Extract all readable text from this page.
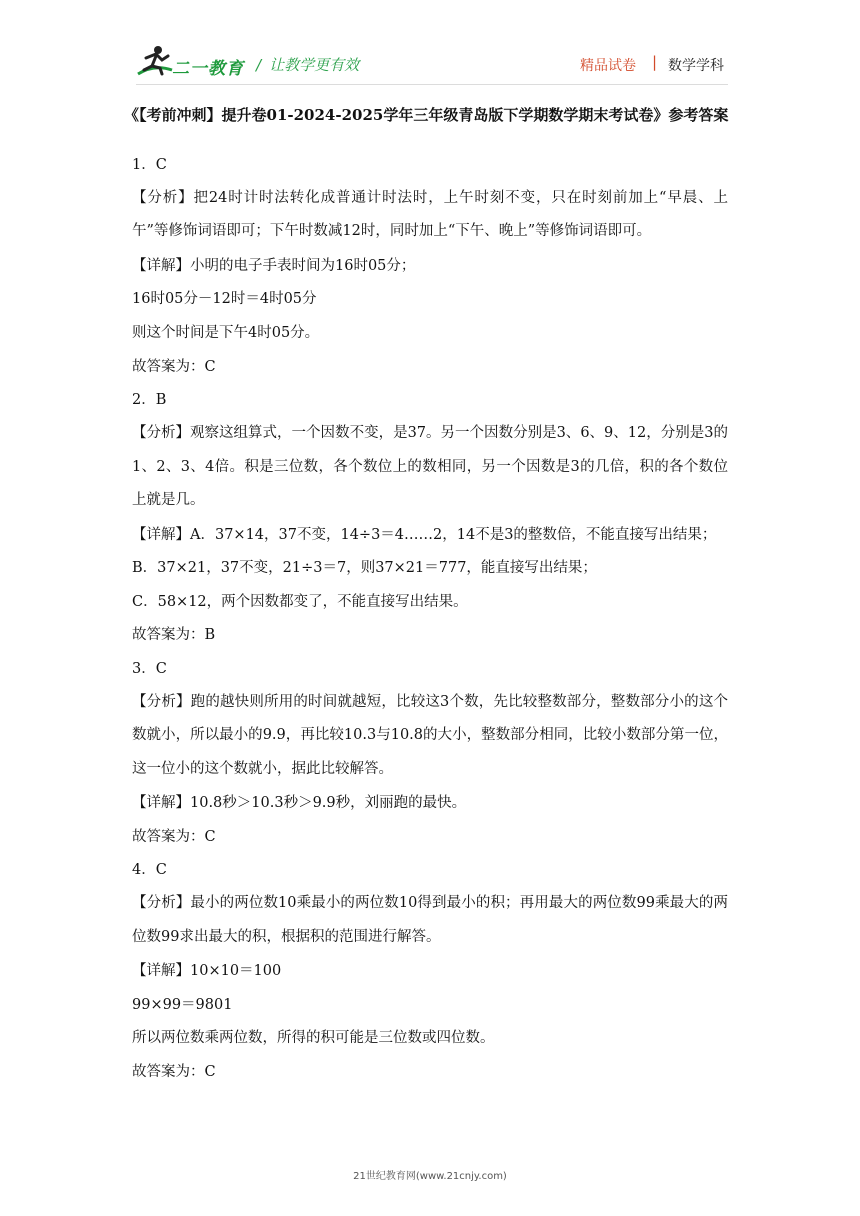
二一教育 / 让教学更有效	精品试卷 | 数学学科
《【考前冲刺】提升卷01-2024-2025学年三年级青岛版下学期数学期末考试卷》参考答案
1．C
【分析】把24时计时法转化成普通计时法时，上午时刻不变，只在时刻前加上“早晨、上午”等修饰词语即可；下午时数减12时，同时加上“下午、晚上”等修饰词语即可。
【详解】小明的电子手表时间为16时05分；
16时05分－12时＝4时05分
则这个时间是下午4时05分。
故答案为：C
2．B
【分析】观察这组算式，一个因数不变，是37。另一个因数分别是3、6、9、12，分别是3的1、2、3、4倍。积是三位数，各个数位上的数相同，另一个因数是3的几倍，积的各个数位上就是几。
【详解】A．37×14，37不变，14÷3＝4……2，14不是3的整数倍，不能直接写出结果；
B．37×21，37不变，21÷3＝7，则37×21＝777，能直接写出结果；
C．58×12，两个因数都变了，不能直接写出结果。
故答案为：B
3．C
【分析】跑的越快则所用的时间就越短，比较这3个数，先比较整数部分，整数部分小的这个数就小，所以最小的9.9，再比较10.3与10.8的大小，整数部分相同，比较小数部分第一位，这一位小的这个数就小，据此比较解答。
【详解】10.8秒＞10.3秒＞9.9秒，刘丽跑的最快。
故答案为：C
4．C
【分析】最小的两位数10乘最小的两位数10得到最小的积；再用最大的两位数99乘最大的两位数99求出最大的积，根据积的范围进行解答。
【详解】10×10＝100
99×99＝9801
所以两位数乘两位数，所得的积可能是三位数或四位数。
故答案为：C
21世纪教育网(www.21cnjy.com)
